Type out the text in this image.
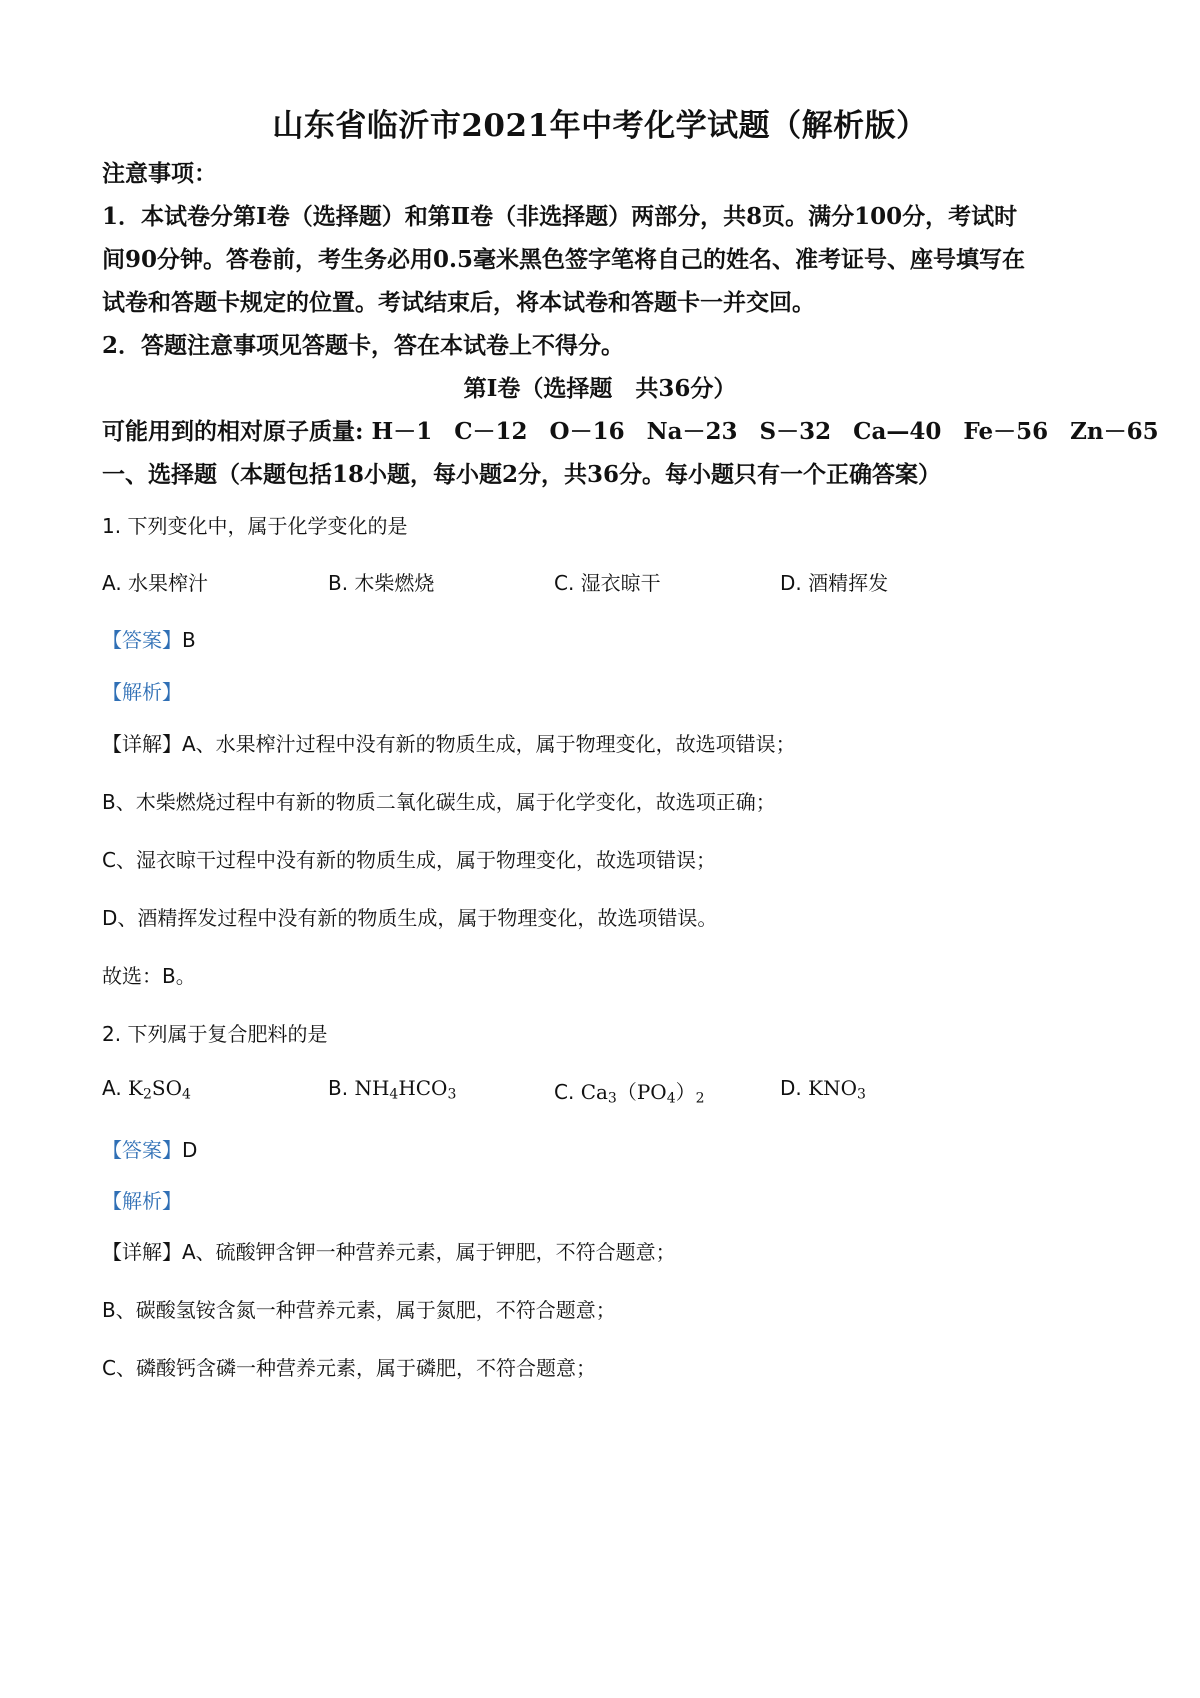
山东省临沂市2021年中考化学试题（解析版）
注意事项：
1．本试卷分第Ⅰ卷（选择题）和第Ⅱ卷（非选择题）两部分，共8页。满分100分，考试时
间90分钟。答卷前，考生务必用0.5毫米黑色签字笔将自己的姓名、准考证号、座号填写在
试卷和答题卡规定的位置。考试结束后，将本试卷和答题卡一并交回。
2．答题注意事项见答题卡，答在本试卷上不得分。
第Ⅰ卷（选择题　共36分）
可能用到的相对原子质量: H－1 C－12 O－16 Na－23 S－32 Ca—40 Fe－56 Zn－65
一、选择题（本题包括18小题，每小题2分，共36分。每小题只有一个正确答案）
1. 下列变化中，属于化学变化的是
A. 水果榨汁	B. 木柴燃烧	C. 湿衣晾干	D. 酒精挥发
【答案】B
【解析】
【详解】A、水果榨汁过程中没有新的物质生成，属于物理变化，故选项错误；
B、木柴燃烧过程中有新的物质二氧化碳生成，属于化学变化，故选项正确；
C、湿衣晾干过程中没有新的物质生成，属于物理变化，故选项错误；
D、酒精挥发过程中没有新的物质生成，属于物理变化，故选项错误。
故选：B。
2. 下列属于复合肥料的是
A. $K_2SO_4$	B. $NH_4HCO_3$	C. $Ca_3(PO_4)_2$	D. $KNO_3$
【答案】D
【解析】
【详解】A、硫酸钾含钾一种营养元素，属于钾肥，不符合题意；
B、碳酸氢铵含氮一种营养元素，属于氮肥，不符合题意；
C、磷酸钙含磷一种营养元素，属于磷肥，不符合题意；
